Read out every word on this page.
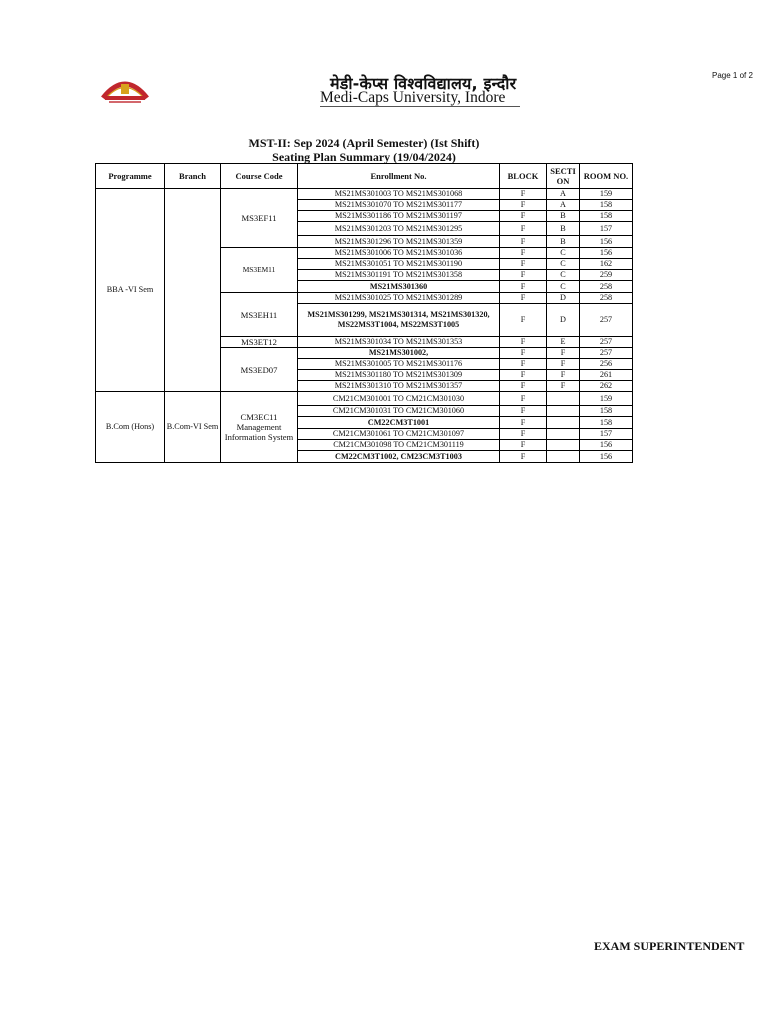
मेडी-केप्स विश्वविद्यालय, इन्दौर
Medi-Caps University, Indore
Page 1 of 2
MST-II: Sep 2024 (April Semester) (Ist Shift)
Seating Plan Summary (19/04/2024)
Programme	Branch	Course Code	Enrollment No.	BLOCK	SECTI ON	ROOM NO.
BBA -VI Sem		MS3EF11	MS21MS301003 TO MS21MS301068	F	A	159
			MS21MS301070 TO MS21MS301177	F	A	158
			MS21MS301186 TO MS21MS301197	F	B	158
			MS21MS301203 TO MS21MS301295	F	B	157
			MS21MS301296 TO MS21MS301359	F	B	156
		MS3EM11	MS21MS301006 TO MS21MS301036	F	C	156
			MS21MS301051 TO MS21MS301190	F	C	162
			MS21MS301191 TO MS21MS301358	F	C	259
			MS21MS301360	F	C	258
		MS3EH11	MS21MS301025 TO MS21MS301289	F	D	258
			MS21MS301299, MS21MS301314, MS21MS301320, MS22MS3T1004, MS22MS3T1005	F	D	257
		MS3ET12	MS21MS301034 TO MS21MS301353	F	E	257
		MS3ED07	MS21MS301002,	F	F	257
			MS21MS301005 TO MS21MS301176	F	F	256
			MS21MS301180 TO MS21MS301309	F	F	261
			MS21MS301310 TO MS21MS301357	F	F	262
B.Com (Hons)	B.Com-VI Sem	CM3EC11 Management Information System	CM21CM301001 TO CM21CM301030	F		159
			CM21CM301031 TO CM21CM301060	F		158
			CM22CM3T1001	F		158
			CM21CM301061 TO CM21CM301097	F		157
			CM21CM301098 TO CM21CM301119	F		156
			CM22CM3T1002, CM23CM3T1003	F		156
EXAM SUPERINTENDENT
